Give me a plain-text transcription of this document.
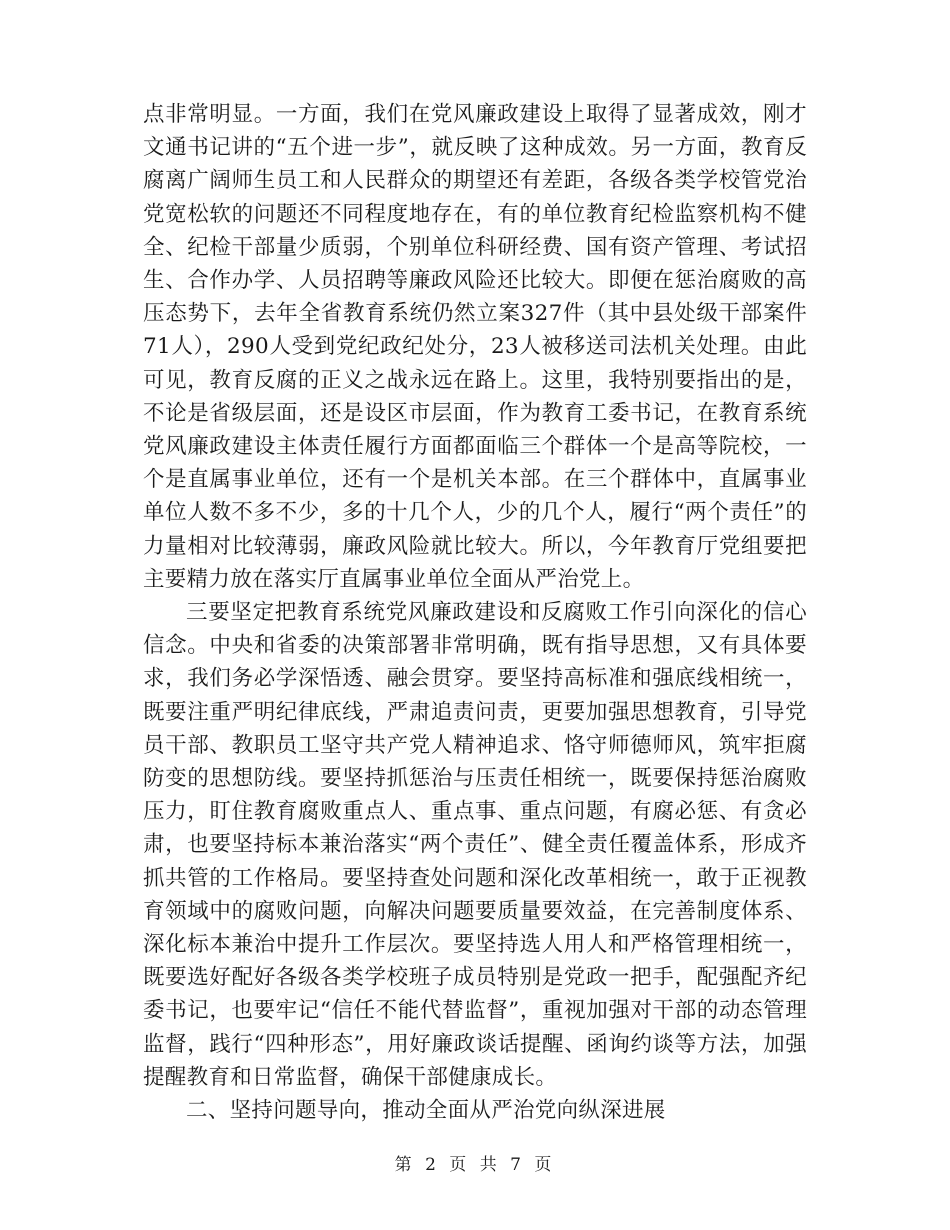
点非常明显。一方面，我们在党风廉政建设上取得了显著成效，刚才文通书记讲的“五个进一步”，就反映了这种成效。另一方面，教育反腐离广阔师生员工和人民群众的期望还有差距，各级各类学校管党治党宽松软的问题还不同程度地存在，有的单位教育纪检监察机构不健全、纪检干部量少质弱，个别单位科研经费、国有资产管理、考试招生、合作办学、人员招聘等廉政风险还比较大。即便在惩治腐败的高压态势下，去年全省教育系统仍然立案327件（其中县处级干部案件71人），290人受到党纪政纪处分，23人被移送司法机关处理。由此可见，教育反腐的正义之战永远在路上。这里，我特别要指出的是，不论是省级层面，还是设区市层面，作为教育工委书记，在教育系统党风廉政建设主体责任履行方面都面临三个群体一个是高等院校，一个是直属事业单位，还有一个是机关本部。在三个群体中，直属事业单位人数不多不少，多的十几个人，少的几个人，履行“两个责任”的力量相对比较薄弱，廉政风险就比较大。所以，今年教育厅党组要把主要精力放在落实厅直属事业单位全面从严治党上。

三要坚定把教育系统党风廉政建设和反腐败工作引向深化的信心信念。中央和省委的决策部署非常明确，既有指导思想，又有具体要求，我们务必学深悟透、融会贯穿。要坚持高标准和强底线相统一，既要注重严明纪律底线，严肃追责问责，更要加强思想教育，引导党员干部、教职员工坚守共产党人精神追求、恪守师德师风，筑牢拒腐防变的思想防线。要坚持抓惩治与压责任相统一，既要保持惩治腐败压力，盯住教育腐败重点人、重点事、重点问题，有腐必惩、有贪必肃，也要坚持标本兼治落实“两个责任”、健全责任覆盖体系，形成齐抓共管的工作格局。要坚持查处问题和深化改革相统一，敢于正视教育领域中的腐败问题，向解决问题要质量要效益，在完善制度体系、深化标本兼治中提升工作层次。要坚持选人用人和严格管理相统一，既要选好配好各级各类学校班子成员特别是党政一把手，配强配齐纪委书记，也要牢记“信任不能代替监督”，重视加强对干部的动态管理监督，践行“四种形态”，用好廉政谈话提醒、函询约谈等方法，加强提醒教育和日常监督，确保干部健康成长。

二、坚持问题导向，推动全面从严治党向纵深进展

第 2 页 共 7 页
